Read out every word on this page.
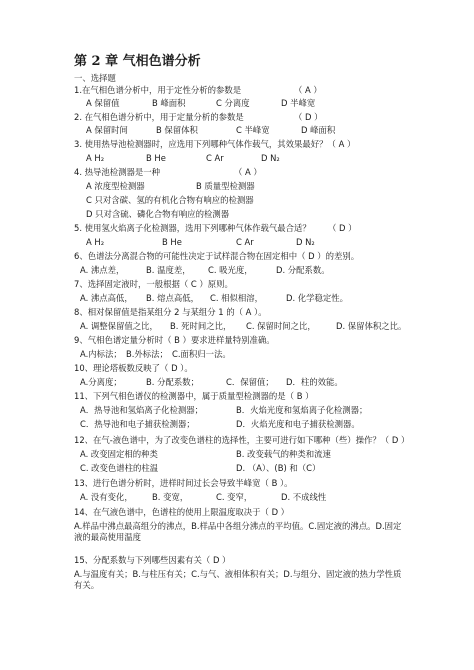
第 2 章 气相色谱分析
一、选择题
1.在气相色谱分析中，用于定性分析的参数是	（ A ）
A 保留值	B 峰面积	C 分离度	D 半峰宽
2. 在气相色谱分析中，用于定量分析的参数是	（ D ）
A 保留时间	B 保留体积	C 半峰宽	D 峰面积
3. 使用热导池检测器时，应选用下列哪种气体作载气，其效果最好？（ A ）
A H₂	B He	C Ar	D N₂
4. 热导池检测器是一种	（ A ）
A 浓度型检测器	B 质量型检测器
C 只对含碳、氢的有机化合物有响应的检测器
D 只对含硫、磷化合物有响应的检测器
5. 使用氢火焰离子化检测器，选用下列哪种气体作载气最合适？ （ D ）
A H₂	B He	C Ar	D N₂
6、色谱法分离混合物的可能性决定于试样混合物在固定相中（ D ）的差别。
A. 沸点差，	B. 温度差， C. 吸光度，	D. 分配系数。
7、选择固定液时，一般根据（ C ）原则。
A. 沸点高低， B. 熔点高低， C. 相似相溶，	D. 化学稳定性。
8、相对保留值是指某组分 2 与某组分 1 的（ A ）。
A. 调整保留值之比， B. 死时间之比， C. 保留时间之比， D. 保留体积之比。
9、气相色谱定量分析时（ B ）要求进样量特别准确。
A.内标法； B.外标法； C.面积归一法。
10、理论塔板数反映了（ D ）。
A.分离度；	B. 分配系数；	C．保留值； D．柱的效能。
11、下列气相色谱仪的检测器中，属于质量型检测器的是（ B ）
A．热导池和氢焰离子化检测器；	B．火焰光度和氢焰离子化检测器；
C．热导池和电子捕获检测器；	D．火焰光度和电子捕获检测器。
12、在气-液色谱中，为了改变色谱柱的选择性，主要可进行如下哪种（些）操作？（ D ）
A. 改变固定相的种类	B. 改变载气的种类和流速
C. 改变色谱柱的柱温	D. （A）、(B) 和（C）
13、进行色谱分析时，进样时间过长会导致半峰宽（ B ）。
A. 没有变化， B. 变宽，	C. 变窄，	D. 不成线性
14、在气液色谱中，色谱柱的使用上限温度取决于（ D ）
A.样品中沸点最高组分的沸点，B.样品中各组分沸点的平均值。C.固定液的沸点。D.固定液的最高使用温度
15、分配系数与下列哪些因素有关（ D ）
A.与温度有关；B.与柱压有关；C.与气、液相体积有关；D.与组分、固定液的热力学性质有关。
